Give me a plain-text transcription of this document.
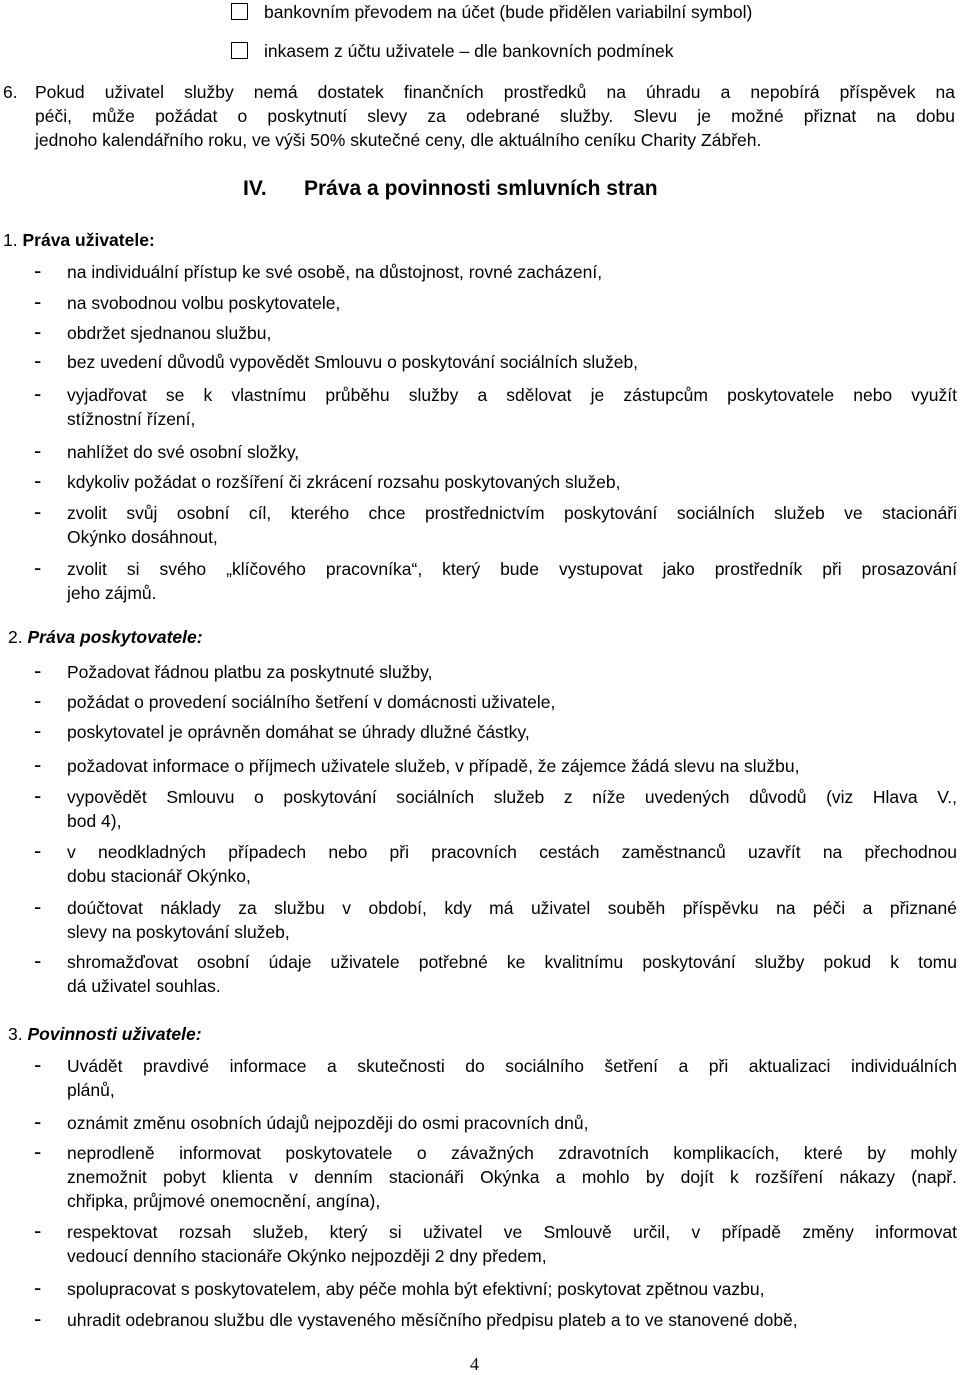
bankovním převodem na účet (bude přidělen variabilní symbol)
inkasem z účtu uživatele – dle bankovních podmínek
6. Pokud uživatel služby nemá dostatek finančních prostředků na úhradu a nepobírá příspěvek na
péči, může požádat o poskytnutí slevy za odebrané služby. Slevu je možné přiznat na dobu
jednoho kalendářního roku, ve výši 50% skutečné ceny, dle aktuálního ceníku Charity Zábřeh.
IV. Práva a povinnosti smluvních stran
1. Práva uživatele:
- na individuální přístup ke své osobě, na důstojnost, rovné zacházení,
- na svobodnou volbu poskytovatele,
- obdržet sjednanou službu,
- bez uvedení důvodů vypovědět Smlouvu o poskytování sociálních služeb,
- vyjadřovat se k vlastnímu průběhu služby a sdělovat je zástupcům poskytovatele nebo využít
stížnostní řízení,
- nahlížet do své osobní složky,
- kdykoliv požádat o rozšíření či zkrácení rozsahu poskytovaných služeb,
- zvolit svůj osobní cíl, kterého chce prostřednictvím poskytování sociálních služeb ve stacionáři
Okýnko dosáhnout,
- zvolit si svého „klíčového pracovníka“, který bude vystupovat jako prostředník při prosazování
jeho zájmů.
2. Práva poskytovatele:
- Požadovat řádnou platbu za poskytnuté služby,
- požádat o provedení sociálního šetření v domácnosti uživatele,
- poskytovatel je oprávněn domáhat se úhrady dlužné částky,
- požadovat informace o příjmech uživatele služeb, v případě, že zájemce žádá slevu na službu,
- vypovědět Smlouvu o poskytování sociálních služeb z níže uvedených důvodů (viz Hlava V.,
bod 4),
- v neodkladných případech nebo při pracovních cestách zaměstnanců uzavřít na přechodnou
dobu stacionář Okýnko,
- doúčtovat náklady za službu v období, kdy má uživatel souběh příspěvku na péči a přiznané
slevy na poskytování služeb,
- shromažďovat osobní údaje uživatele potřebné ke kvalitnímu poskytování služby pokud k tomu
dá uživatel souhlas.
3. Povinnosti uživatele:
- Uvádět pravdivé informace a skutečnosti do sociálního šetření a při aktualizaci individuálních
plánů,
- oznámit změnu osobních údajů nejpozději do osmi pracovních dnů,
- neprodleně informovat poskytovatele o závažných zdravotních komplikacích, které by mohly
znemožnit pobyt klienta v denním stacionáři Okýnka a mohlo by dojít k rozšíření nákazy (např.
chřipka, průjmové onemocnění, angína),
- respektovat rozsah služeb, který si uživatel ve Smlouvě určil, v případě změny informovat
vedoucí denního stacionáře Okýnko nejpozději 2 dny předem,
- spolupracovat s poskytovatelem, aby péče mohla být efektivní; poskytovat zpětnou vazbu,
- uhradit odebranou službu dle vystaveného měsíčního předpisu plateb a to ve stanovené době,
4
